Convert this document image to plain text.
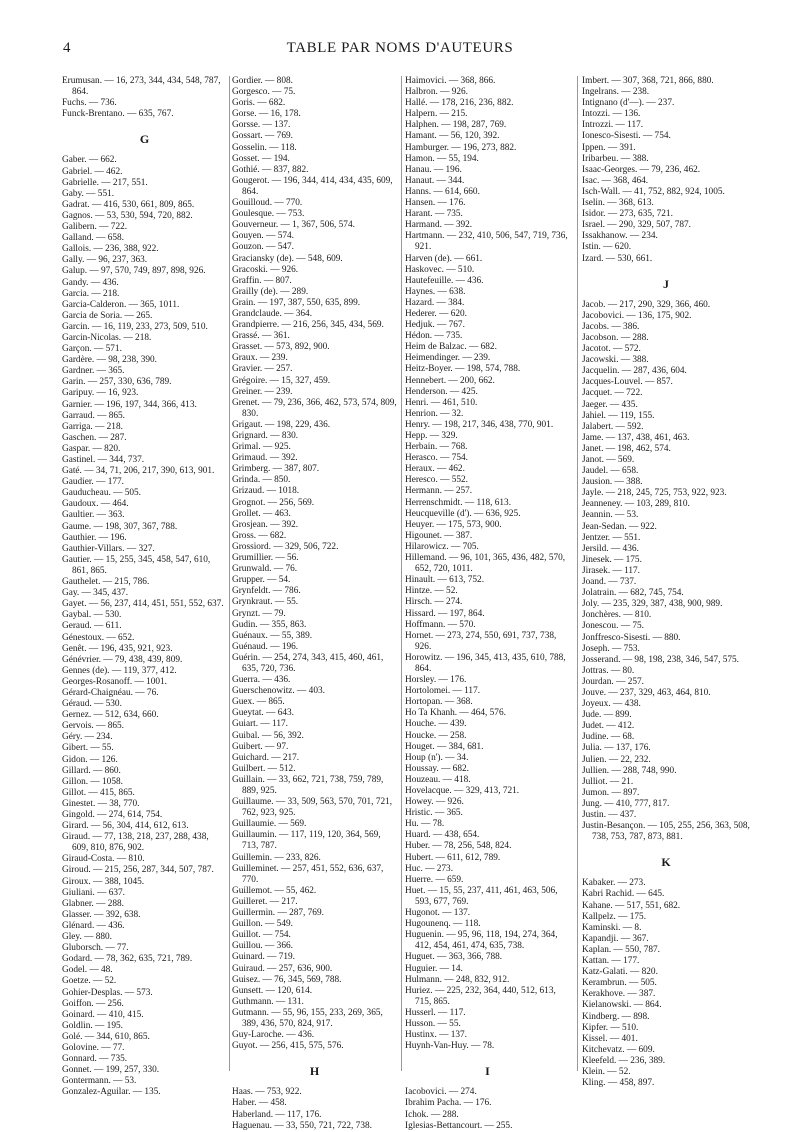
4	TABLE PAR NOMS D'AUTEURS
Erumusan. — 16, 273, 344, 434, 548, 787, 864.
Fuchs. — 736.
Funck-Brentano. — 635, 767.
G
Gaber. — 662.
Gabriel. — 462.
Gabrielle. — 217, 551.
Gaby. — 551.
Gadrat. — 416, 530, 661, 809, 865.
Gagnos. — 53, 530, 594, 720, 882.
Galibern. — 722.
Galland. — 658.
Gallois. — 236, 388, 922.
Gally. — 96, 237, 363.
Galup. — 97, 570, 749, 897, 898, 926.
Gandy. — 436.
Garcia. — 218.
Garcia-Calderon. — 365, 1011.
Garcia de Soria. — 265.
Garcin. — 16, 119, 233, 273, 509, 510.
Garcin-Nicolas. — 218.
Garçon. — 571.
Gardère. — 98, 238, 390.
Gardner. — 365.
Garin. — 257, 330, 636, 789.
Garipuy. — 16, 923.
Garnier. — 196, 197, 344, 366, 413.
Garraud. — 865.
Garriga. — 218.
Gaschen. — 287.
Gaspar. — 820.
Gastinel. — 344, 737.
Gaté. — 34, 71, 206, 217, 390, 613, 901.
Gaudier. — 177.
Gauducheau. — 505.
Gaudoux. — 464.
Gaultier. — 363.
Gaume. — 198, 307, 367, 788.
Gauthier. — 196.
Gauthier-Villars. — 327.
Gautier. — 15, 255, 345, 458, 547, 610, 861, 865.
Gauthelet. — 215, 786.
Gay. — 345, 437.
Gayet. — 56, 237, 414, 451, 551, 552, 637.
Gaybal. — 530.
Geraud. — 611.
Génestoux. — 652.
Genêt. — 196, 435, 921, 923.
Génévrier. — 79, 438, 439, 809.
Gennes (de). — 119, 377, 412.
Georges-Rosanoff. — 1001.
Gérard-Chaignéau. — 76.
Géraud. — 530.
Gernez. — 512, 634, 660.
Gervois. — 865.
Géry. — 234.
Gibert. — 55.
Gidon. — 126.
Gillard. — 860.
Gillon. — 1058.
Gillot. — 415, 865.
Ginestet. — 38, 770.
Gingold. — 274, 614, 754.
Girard. — 56, 304, 414, 612, 613.
Giraud. — 77, 138, 218, 237, 288, 438, 609, 810, 876, 902.
Giraud-Costa. — 810.
Giroud. — 215, 256, 287, 344, 507, 787.
Giroux. — 388, 1045.
Giuliani. — 637.
Glabner. — 288.
Glasser. — 392, 638.
Glénard. — 436.
Gley. — 880.
Gluborsch. — 77.
Godard. — 78, 362, 635, 721, 789.
Godel. — 48.
Goetze. — 52.
Gohier-Desplas. — 573.
Goiffon. — 256.
Goinard. — 410, 415.
Goldlin. — 195.
Golé. — 344, 610, 865.
Golovine. — 77.
Gonnard. — 735.
Gonnet. — 199, 257, 330.
Gontermann. — 53.
Gonzalez-Aguilar. — 135.
Gordier. — 808.
Gorgesco. — 75.
Goris. — 682.
Gorse. — 16, 178.
Gorsse. — 137.
Gossart. — 769.
Gosselin. — 118.
Gosset. — 194.
Gothié. — 837, 882.
Gougerot. — 196, 344, 414, 434, 435, 609, 864.
Gouilloud. — 770.
Goulesque. — 753.
Gouverneur. — 1, 367, 506, 574.
Gouyen. — 574.
Gouzon. — 547.
Graciansky (de). — 548, 609.
Gracoski. — 926.
Graffin. — 807.
Grailly (de). — 289.
Grain. — 197, 387, 550, 635, 899.
Grandclaude. — 364.
Grandpierre. — 216, 256, 345, 434, 569.
Grassé. — 361.
Grasset. — 573, 892, 900.
Graux. — 239.
Gravier. — 257.
Grégoire. — 15, 327, 459.
Greiner. — 239.
Grenet. — 79, 236, 366, 462, 573, 574, 809, 830.
Grigaut. — 198, 229, 436.
Grignard. — 830.
Grimal. — 925.
Grimaud. — 392.
Grimberg. — 387, 807.
Grinda. — 850.
Grizaud. — 1018.
Grognot. — 256, 569.
Grollet. — 463.
Grosjean. — 392.
Gross. — 682.
Grossiord. — 329, 506, 722.
Grumillier. — 56.
Grunwald. — 76.
Grupper. — 54.
Grynfeldt. — 786.
Grynkraut. — 55.
Grynzt. — 79.
Gudin. — 355, 863.
Guénaux. — 55, 389.
Guénaud. — 196.
Guérin. — 254, 274, 343, 415, 460, 461, 635, 720, 736.
Guerra. — 436.
Guerschenowitz. — 403.
Guex. — 865.
Gueytat. — 643.
Guiart. — 117.
Guibal. — 56, 392.
Guibert. — 97.
Guichard. — 217.
Guilbert. — 512.
Guillain. — 33, 662, 721, 738, 759, 789, 889, 925.
Guillaume. — 33, 509, 563, 570, 701, 721, 762, 923, 925.
Guillaumie. — 569.
Guillaumin. — 117, 119, 120, 364, 569, 713, 787.
Guillemin. — 233, 826.
Guilleminet. — 257, 451, 552, 636, 637, 770.
Guillemot. — 55, 462.
Guilleret. — 217.
Guillermin. — 287, 769.
Guillon. — 549.
Guillot. — 754.
Guillou. — 366.
Guinard. — 719.
Guiraud. — 257, 636, 900.
Guisez. — 76, 345, 569, 788.
Gunsett. — 120, 614.
Guthmann. — 131.
Gutmann. — 55, 96, 155, 233, 269, 365, 389, 436, 570, 824, 917.
Guy-Laroche. — 436.
Guyot. — 256, 415, 575, 576.
H
Haas. — 753, 922.
Haber. — 458.
Haberland. — 117, 176.
Haguenau. — 33, 550, 721, 722, 738.
Haimovici. — 368, 866.
Halbron. — 926.
Hallé. — 178, 216, 236, 882.
Halpern. — 215.
Halphen. — 198, 287, 769.
Hamant. — 56, 120, 392.
Hamburger. — 196, 273, 882.
Hamon. — 55, 194.
Hanau. — 196.
Hanaut. — 344.
Hanns. — 614, 660.
Hansen. — 176.
Harant. — 735.
Harmand. — 392.
Hartmann. — 232, 410, 506, 547, 719, 736, 921.
Harven (de). — 661.
Haskovec. — 510.
Hautefeuille. — 436.
Haynes. — 638.
Hazard. — 384.
Hederer. — 620.
Hedjuk. — 767.
Hédon. — 735.
Heim de Balzac. — 682.
Heimendinger. — 239.
Heitz-Boyer. — 198, 574, 788.
Hennebert. — 200, 662.
Henderson. — 425.
Henri. — 461, 510.
Henrion. — 32.
Henry. — 198, 217, 346, 438, 770, 901.
Hepp. — 329.
Herbain. — 768.
Herasco. — 754.
Heraux. — 462.
Heresco. — 552.
Hermann. — 257.
Herrenschmidt. — 118, 613.
Heucqueville (d'). — 636, 925.
Heuyer. — 175, 573, 900.
Higounet. — 387.
Hilarowicz. — 705.
Hillemand. — 96, 101, 365, 436, 482, 570, 652, 720, 1011.
Hinault. — 613, 752.
Hintze. — 52.
Hirsch. — 274.
Hissard. — 197, 864.
Hoffmann. — 570.
Hornet. — 273, 274, 550, 691, 737, 738, 926.
Horowitz. — 196, 345, 413, 435, 610, 788, 864.
Horsley. — 176.
Hortolomei. — 117.
Hortopan. — 368.
Ho Ta Khanh. — 464, 576.
Houche. — 439.
Houcke. — 258.
Houget. — 384, 681.
Houp (n'). — 34.
Houssay. — 682.
Houzeau. — 418.
Hovelacque. — 329, 413, 721.
Howey. — 926.
Hristic. — 365.
Hu. — 78.
Huard. — 438, 654.
Huber. — 78, 256, 548, 824.
Hubert. — 611, 612, 789.
Huc. — 273.
Huerre. — 659.
Huet. — 15, 55, 237, 411, 461, 463, 506, 593, 677, 769.
Hugonot. — 137.
Hugounenq. — 118.
Huguenin. — 95, 96, 118, 194, 274, 364, 412, 454, 461, 474, 635, 738.
Huguet. — 363, 366, 788.
Huguier. — 14.
Hulmann. — 248, 832, 912.
Huriez. — 225, 232, 364, 440, 512, 613, 715, 865.
Husserl. — 117.
Husson. — 55.
Hustinx. — 137.
Huynh-Van-Huy. — 78.
I
Iacobovici. — 274.
Ibrahim Pacha. — 176.
Ichok. — 288.
Iglesias-Bettancourt. — 255.
Imbert. — 307, 368, 721, 866, 880.
Ingelrans. — 238.
Intignano (d'—). — 237.
Intozzi. — 136.
Introzzi. — 117.
Ionesco-Sisesti. — 754.
Ippen. — 391.
Iribarbeu. — 388.
Isaac-Georges. — 79, 236, 462.
Isac. — 368, 464.
Isch-Wall. — 41, 752, 882, 924, 1005.
Iselin. — 368, 613.
Isidor. — 273, 635, 721.
Israel. — 290, 329, 507, 787.
Issakhanow. — 234.
Istin. — 620.
Izard. — 530, 661.
J
Jacob. — 217, 290, 329, 366, 460.
Jacobovici. — 136, 175, 902.
Jacobs. — 386.
Jacobson. — 288.
Jacotot. — 572.
Jacowski. — 388.
Jacquelin. — 287, 436, 604.
Jacques-Louvel. — 857.
Jacquet. — 722.
Jaeger. — 435.
Jahiel. — 119, 155.
Jalabert. — 592.
Jame. — 137, 438, 461, 463.
Janet. — 198, 462, 574.
Janot. — 569.
Jaudel. — 658.
Jausion. — 388.
Jayle. — 218, 245, 725, 753, 922, 923.
Jeanneney. — 103, 289, 810.
Jeannin. — 53.
Jean-Sedan. — 922.
Jentzer. — 551.
Jersild. — 436.
Jinesek. — 175.
Jirasek. — 117.
Joand. — 737.
Jolatrain. — 682, 745, 754.
Joly. — 235, 329, 387, 438, 900, 989.
Jonchères. — 810.
Jonescou. — 75.
Jonffresco-Sisesti. — 880.
Joseph. — 753.
Josserand. — 98, 198, 238, 346, 547, 575.
Jottras. — 80.
Jourdan. — 257.
Jouve. — 237, 329, 463, 464, 810.
Joyeux. — 438.
Jude. — 899.
Judet. — 412.
Judine. — 68.
Julia. — 137, 176.
Julien. — 22, 232.
Jullien. — 288, 748, 990.
Julliot. — 21.
Jumon. — 897.
Jung. — 410, 777, 817.
Justin. — 437.
Justin-Besançon. — 105, 255, 256, 363, 508, 738, 753, 787, 873, 881.
K
Kabaker. — 273.
Kabri Rachid. — 645.
Kahane. — 517, 551, 682.
Kallpelz. — 175.
Kaminski. — 8.
Kapandji. — 367.
Kaplan. — 550, 787.
Kattan. — 177.
Katz-Galati. — 820.
Kerambrun. — 505.
Kerakhove. — 387.
Kielanowski. — 864.
Kindberg. — 898.
Kipfer. — 510.
Kissel. — 401.
Kitchevatz. — 609.
Kleefeld. — 236, 389.
Klein. — 52.
Kling. — 458, 897.
